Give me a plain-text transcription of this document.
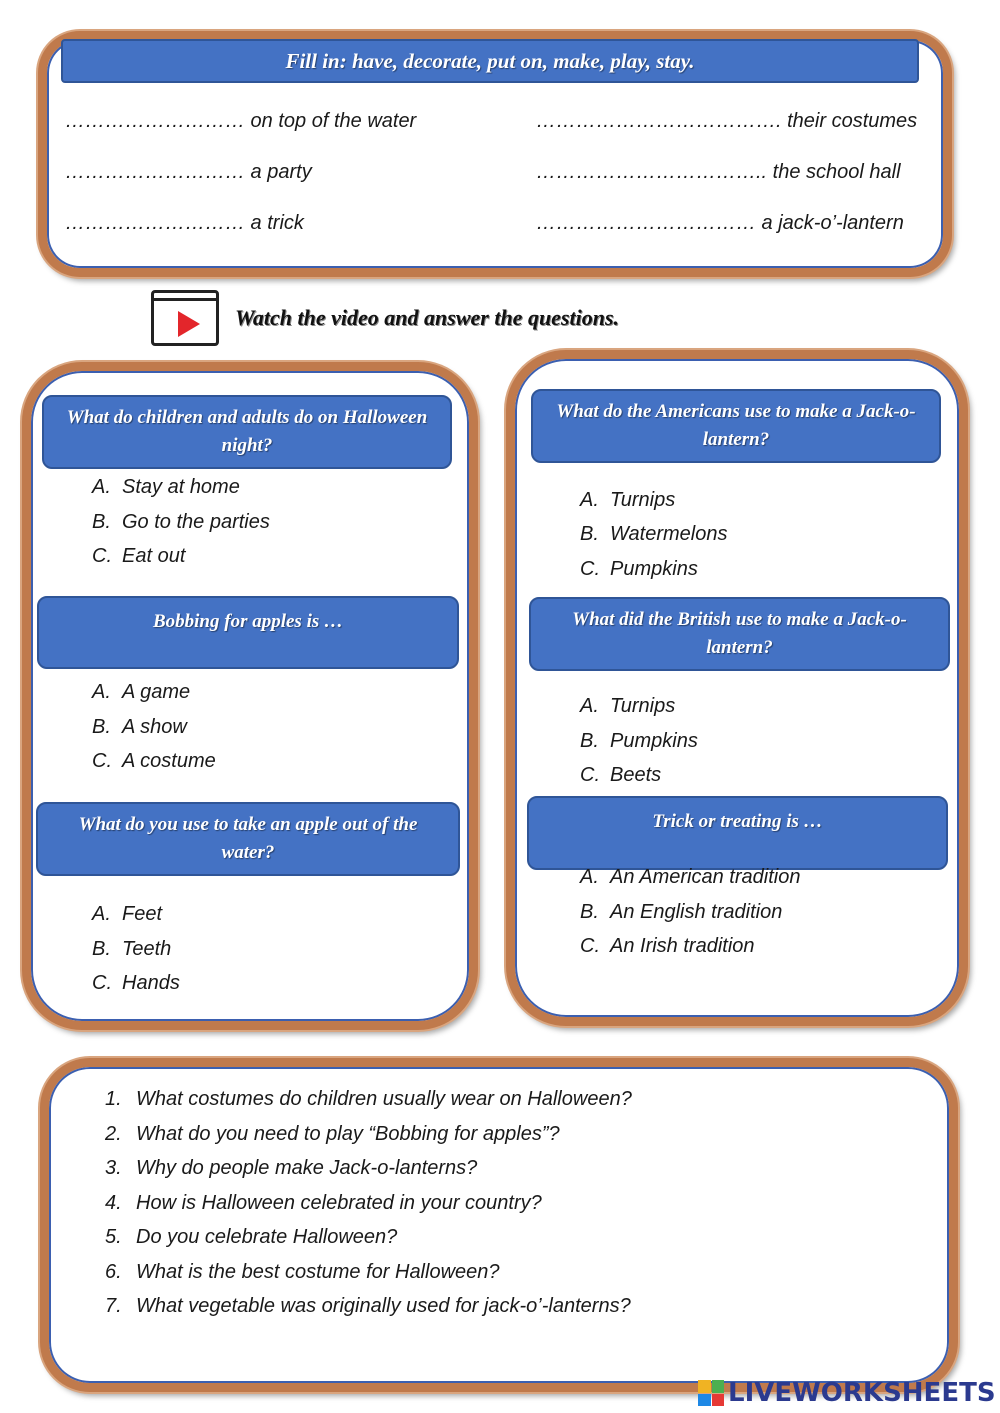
Fill in: have, decorate, put on, make, play, stay.
……………………… on top of the water
……………………… a party
……………………… a trick
………………………………. their costumes
…………………………….. the school hall
…………………………… a jack-o’-lantern
Watch the video and answer the questions.
What do children and adults do on Halloween night?
A. Stay at home
B. Go to the parties
C. Eat out
Bobbing for apples is …
A. A game
B. A show
C. A costume
What do you use to take an apple out of the water?
A. Feet
B. Teeth
C. Hands
What do the Americans use to make a Jack-o-lantern?
A. Turnips
B. Watermelons
C. Pumpkins
What did the British use to make a Jack-o-lantern?
A. Turnips
B. Pumpkins
C. Beets
Trick or treating is …
A. An American tradition
B. An English tradition
C. An Irish tradition
1. What costumes do children usually wear on Halloween?
2. What do you need to play “Bobbing for apples”?
3. Why do people make Jack-o-lanterns?
4. How is Halloween celebrated in your country?
5. Do you celebrate Halloween?
6. What is the best costume for Halloween?
7. What vegetable was originally used for jack-o’-lanterns?
LIVEWORKSHEETS
